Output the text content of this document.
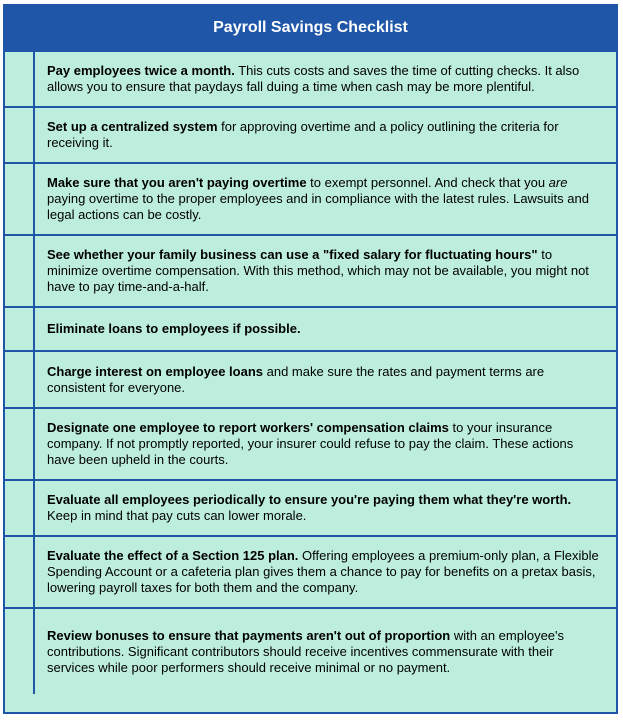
Payroll Savings Checklist

Pay employees twice a month. This cuts costs and saves the time of cutting checks. It also allows you to ensure that paydays fall duing a time when cash may be more plentiful.

Set up a centralized system for approving overtime and a policy outlining the criteria for receiving it.

Make sure that you aren't paying overtime to exempt personnel. And check that you are paying overtime to the proper employees and in compliance with the latest rules. Lawsuits and legal actions can be costly.

See whether your family business can use a "fixed salary for fluctuating hours" to minimize overtime compensation. With this method, which may not be available, you might not have to pay time-and-a-half.

Eliminate loans to employees if possible.

Charge interest on employee loans and make sure the rates and payment terms are consistent for everyone.

Designate one employee to report workers' compensation claims to your insurance company. If not promptly reported, your insurer could refuse to pay the claim. These actions have been upheld in the courts.

Evaluate all employees periodically to ensure you're paying them what they're worth. Keep in mind that pay cuts can lower morale.

Evaluate the effect of a Section 125 plan. Offering employees a premium-only plan, a Flexible Spending Account or a cafeteria plan gives them a chance to pay for benefits on a pretax basis, lowering payroll taxes for both them and the company.

Review bonuses to ensure that payments aren't out of proportion with an employee's contributions. Significant contributors should receive incentives commensurate with their services while poor performers should receive minimal or no payment.
